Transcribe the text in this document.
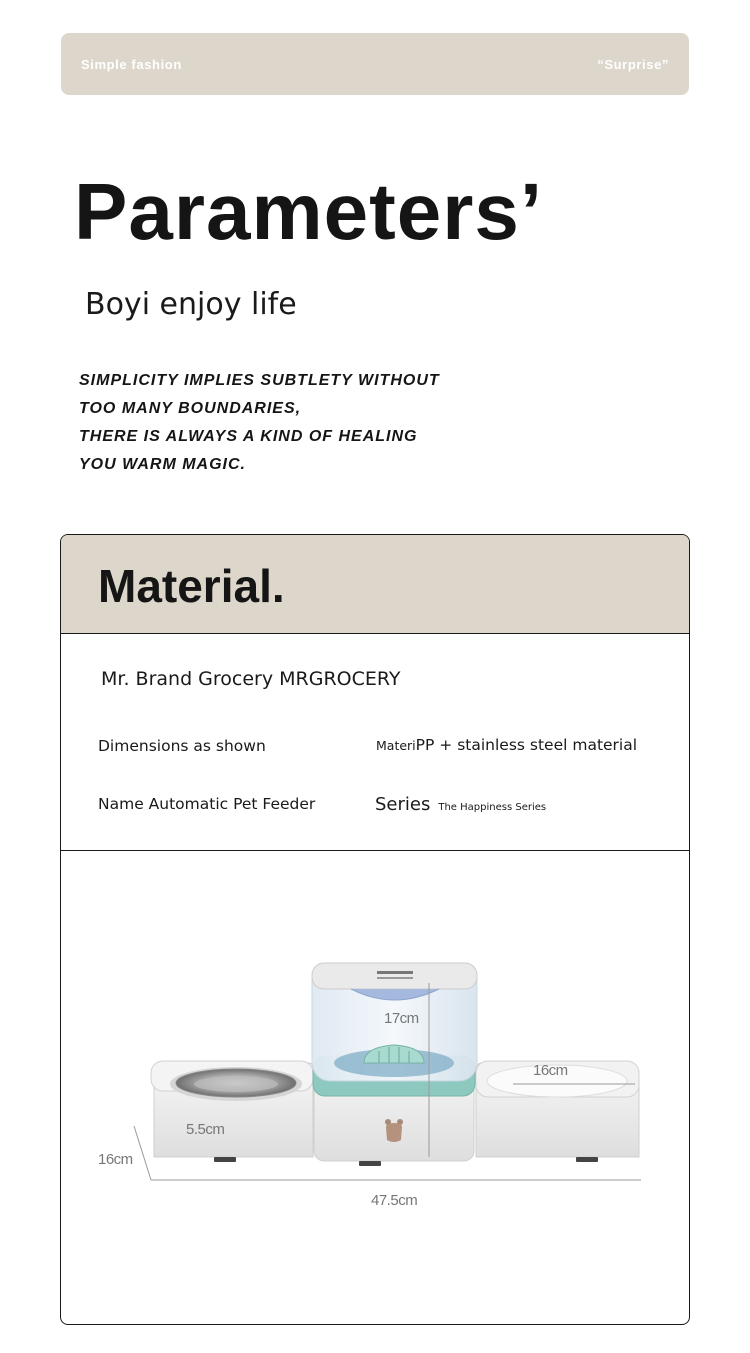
Simple fashion	“Surprise”
Parameters’
Boyi enjoy life
SIMPLICITY IMPLIES SUBTLETY WITHOUT
TOO MANY BOUNDARIES,
THERE IS ALWAYS A KIND OF HEALING
YOU WARM MAGIC.
Material.
Mr. Brand Grocery MRGROCERY
Dimensions as shown	MateriPP + stainless steel material
Name Automatic Pet Feeder	Series The Happiness Series
17cm
16cm
5.5cm
16cm
47.5cm
